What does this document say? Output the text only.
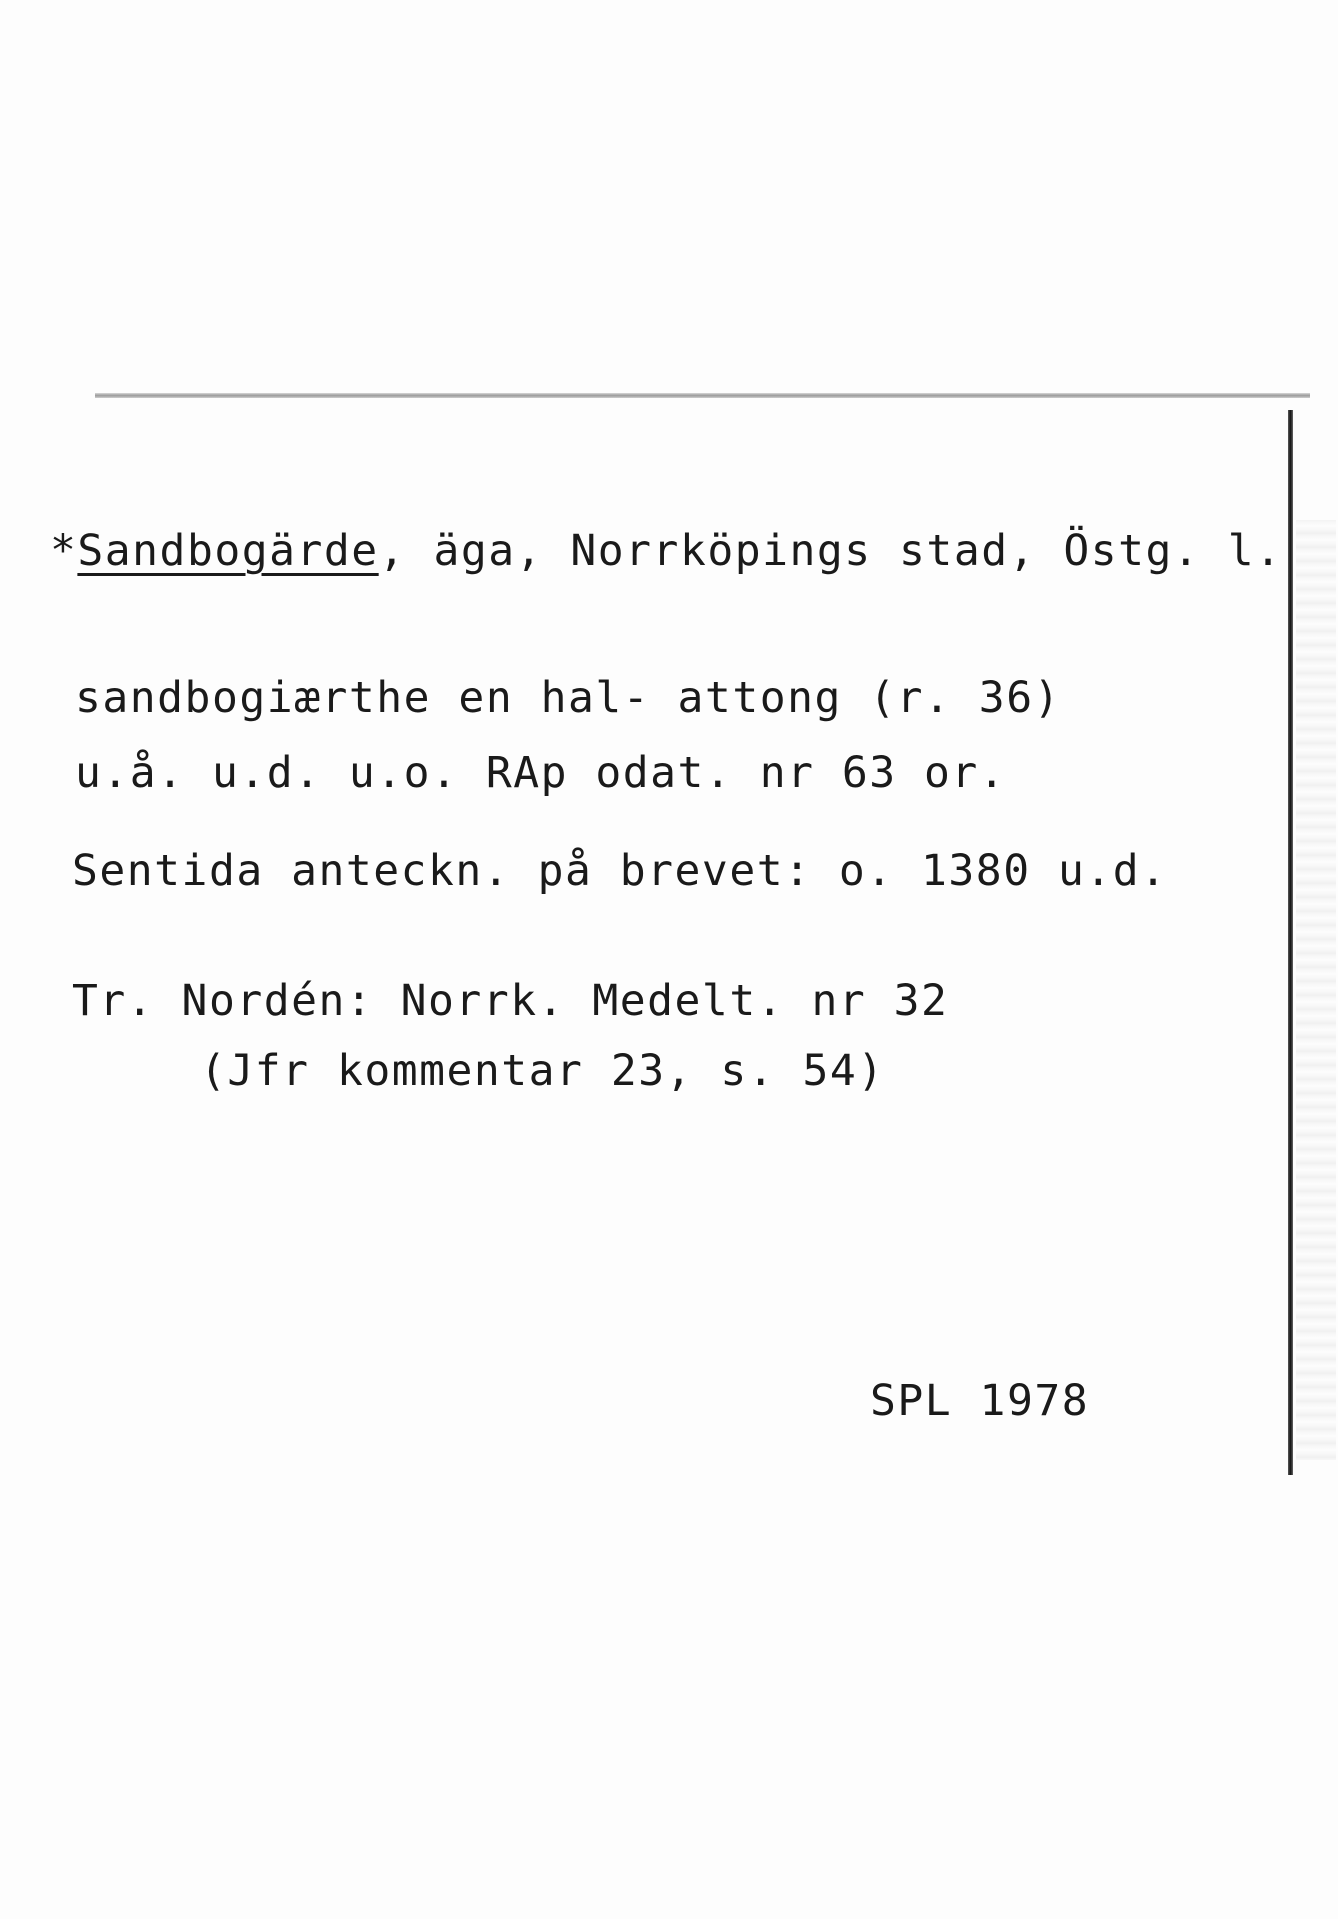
*Sandbogärde, äga, Norrköpings stad, Östg. l.
sandbogiærthe en hal- attong (r. 36)
u.å. u.d. u.o. RAp odat. nr 63 or.
Sentida anteckn. på brevet: o. 1380 u.d.
Tr. Nordén: Norrk. Medelt. nr 32
(Jfr kommentar 23, s. 54)
SPL 1978
